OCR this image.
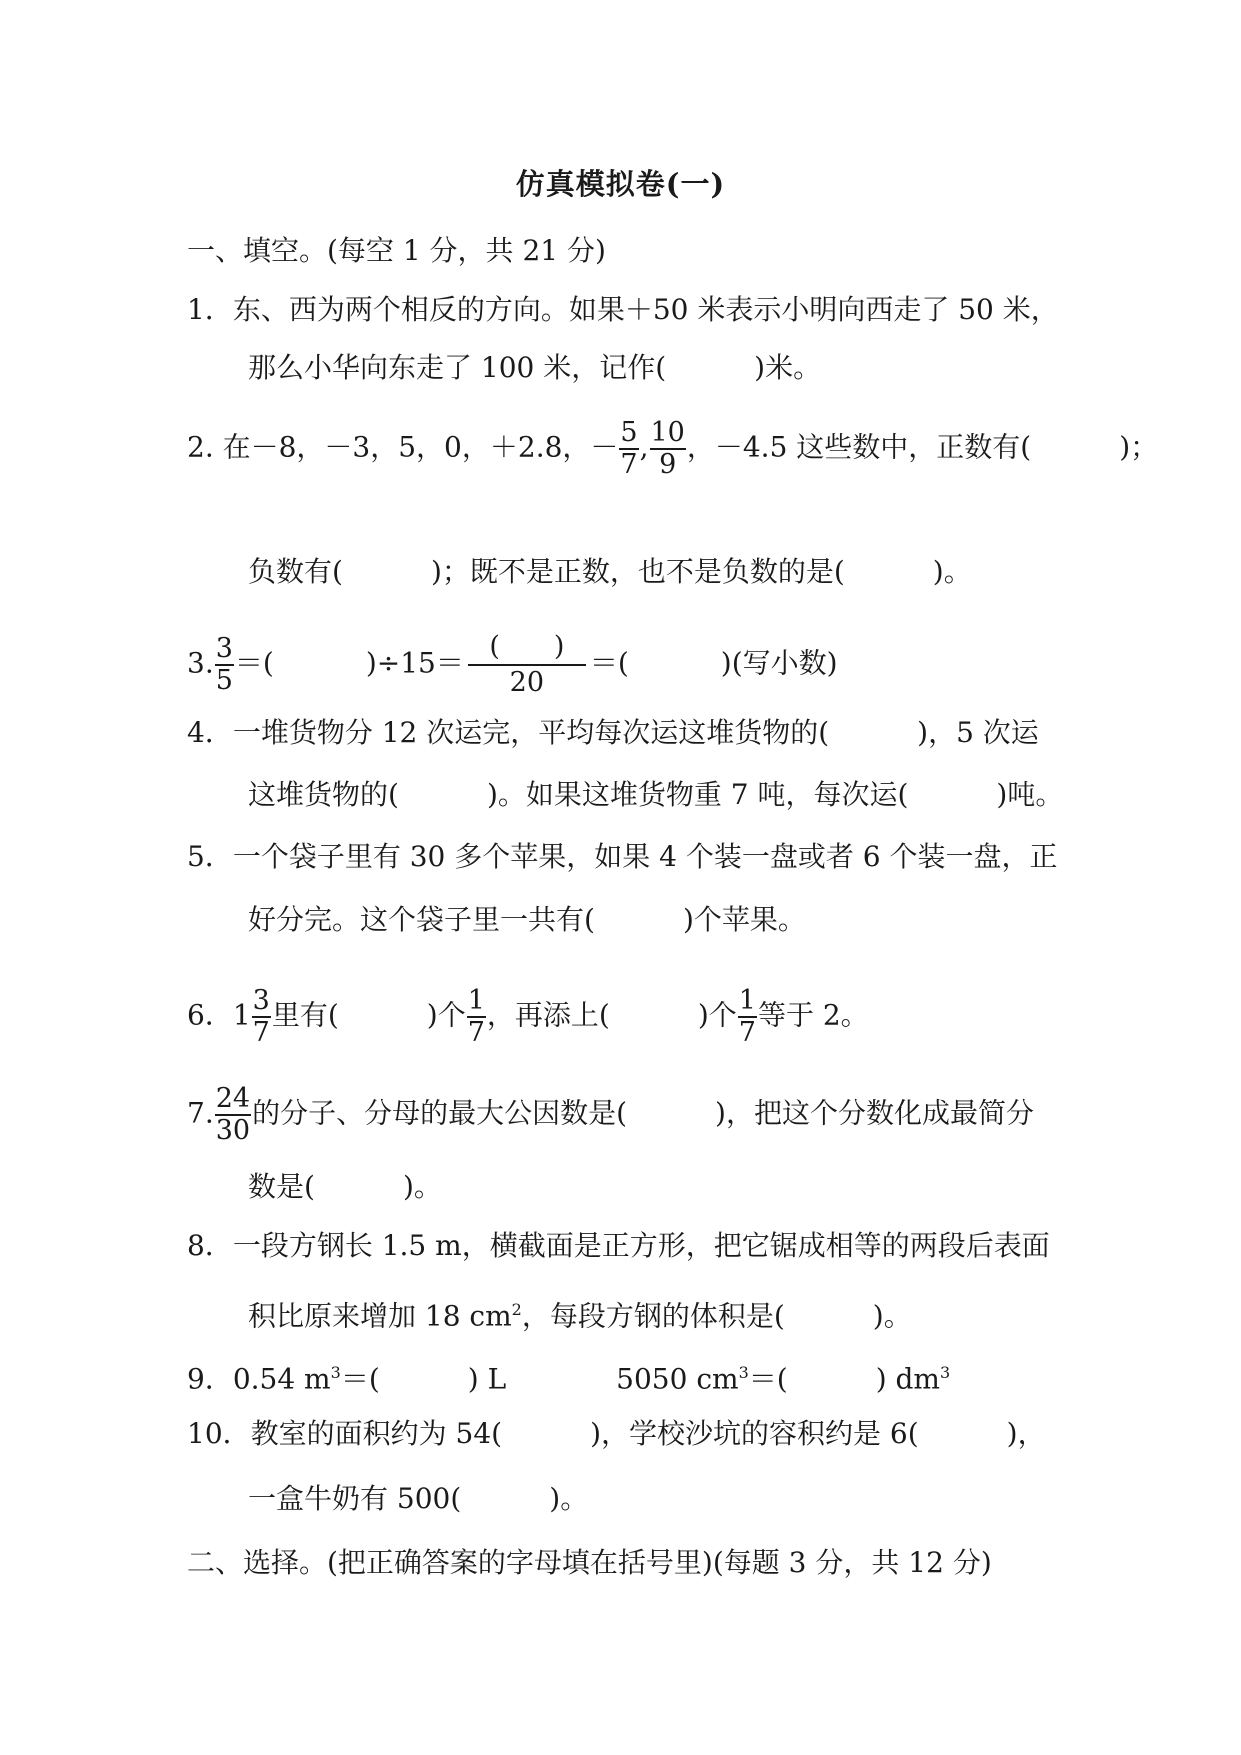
仿真模拟卷(一)
一、填空。(每空 1 分，共 21 分)
1．东、西为两个相反的方向。如果＋50 米表示小明向西走了 50 米，
那么小华向东走了 100 米，记作(	)米。
2. 在－8，－3，5，0，＋2.8，－ $\frac{5}{7}$ , $\frac{10}{9}$ ，－4.5 这些数中，正数有(	)；
负数有(	)；既不是正数，也不是负数的是(	)。
3. $\frac{3}{5}$ ＝(	)$\div 15= \frac{( )}{20}$ ＝(	)(写小数)
4．一堆货物分 12 次运完，平均每次运这堆货物的(	)，5 次运
这堆货物的(	)。如果这堆货物重 7 吨，每次运(	)吨。
5．一个袋子里有 30 多个苹果，如果 4 个装一盘或者 6 个装一盘，正
好分完。这个袋子里一共有(	)个苹果。
6．$1 \frac{3}{7}$ 里有(	)个 $\frac{1}{7}$ ，再添上(	)个 $\frac{1}{7}$ 等于 2。
7. $\frac{24}{30}$ 的分子、分母的最大公因数是(	)，把这个分数化成最简分
数是(	)。
8．一段方钢长 1.5 m，横截面是正方形，把它锯成相等的两段后表面
积比原来增加 18 $cm^2$，每段方钢的体积是(	)。
9．0.54 $m^3=$(	) L	5050 $cm^3=$(	) $dm^3$
10．教室的面积约为 54(	)，学校沙坑的容积约是 6(	)，
一盒牛奶有 500(	)。
二、选择。(把正确答案的字母填在括号里)(每题 3 分，共 12 分)
